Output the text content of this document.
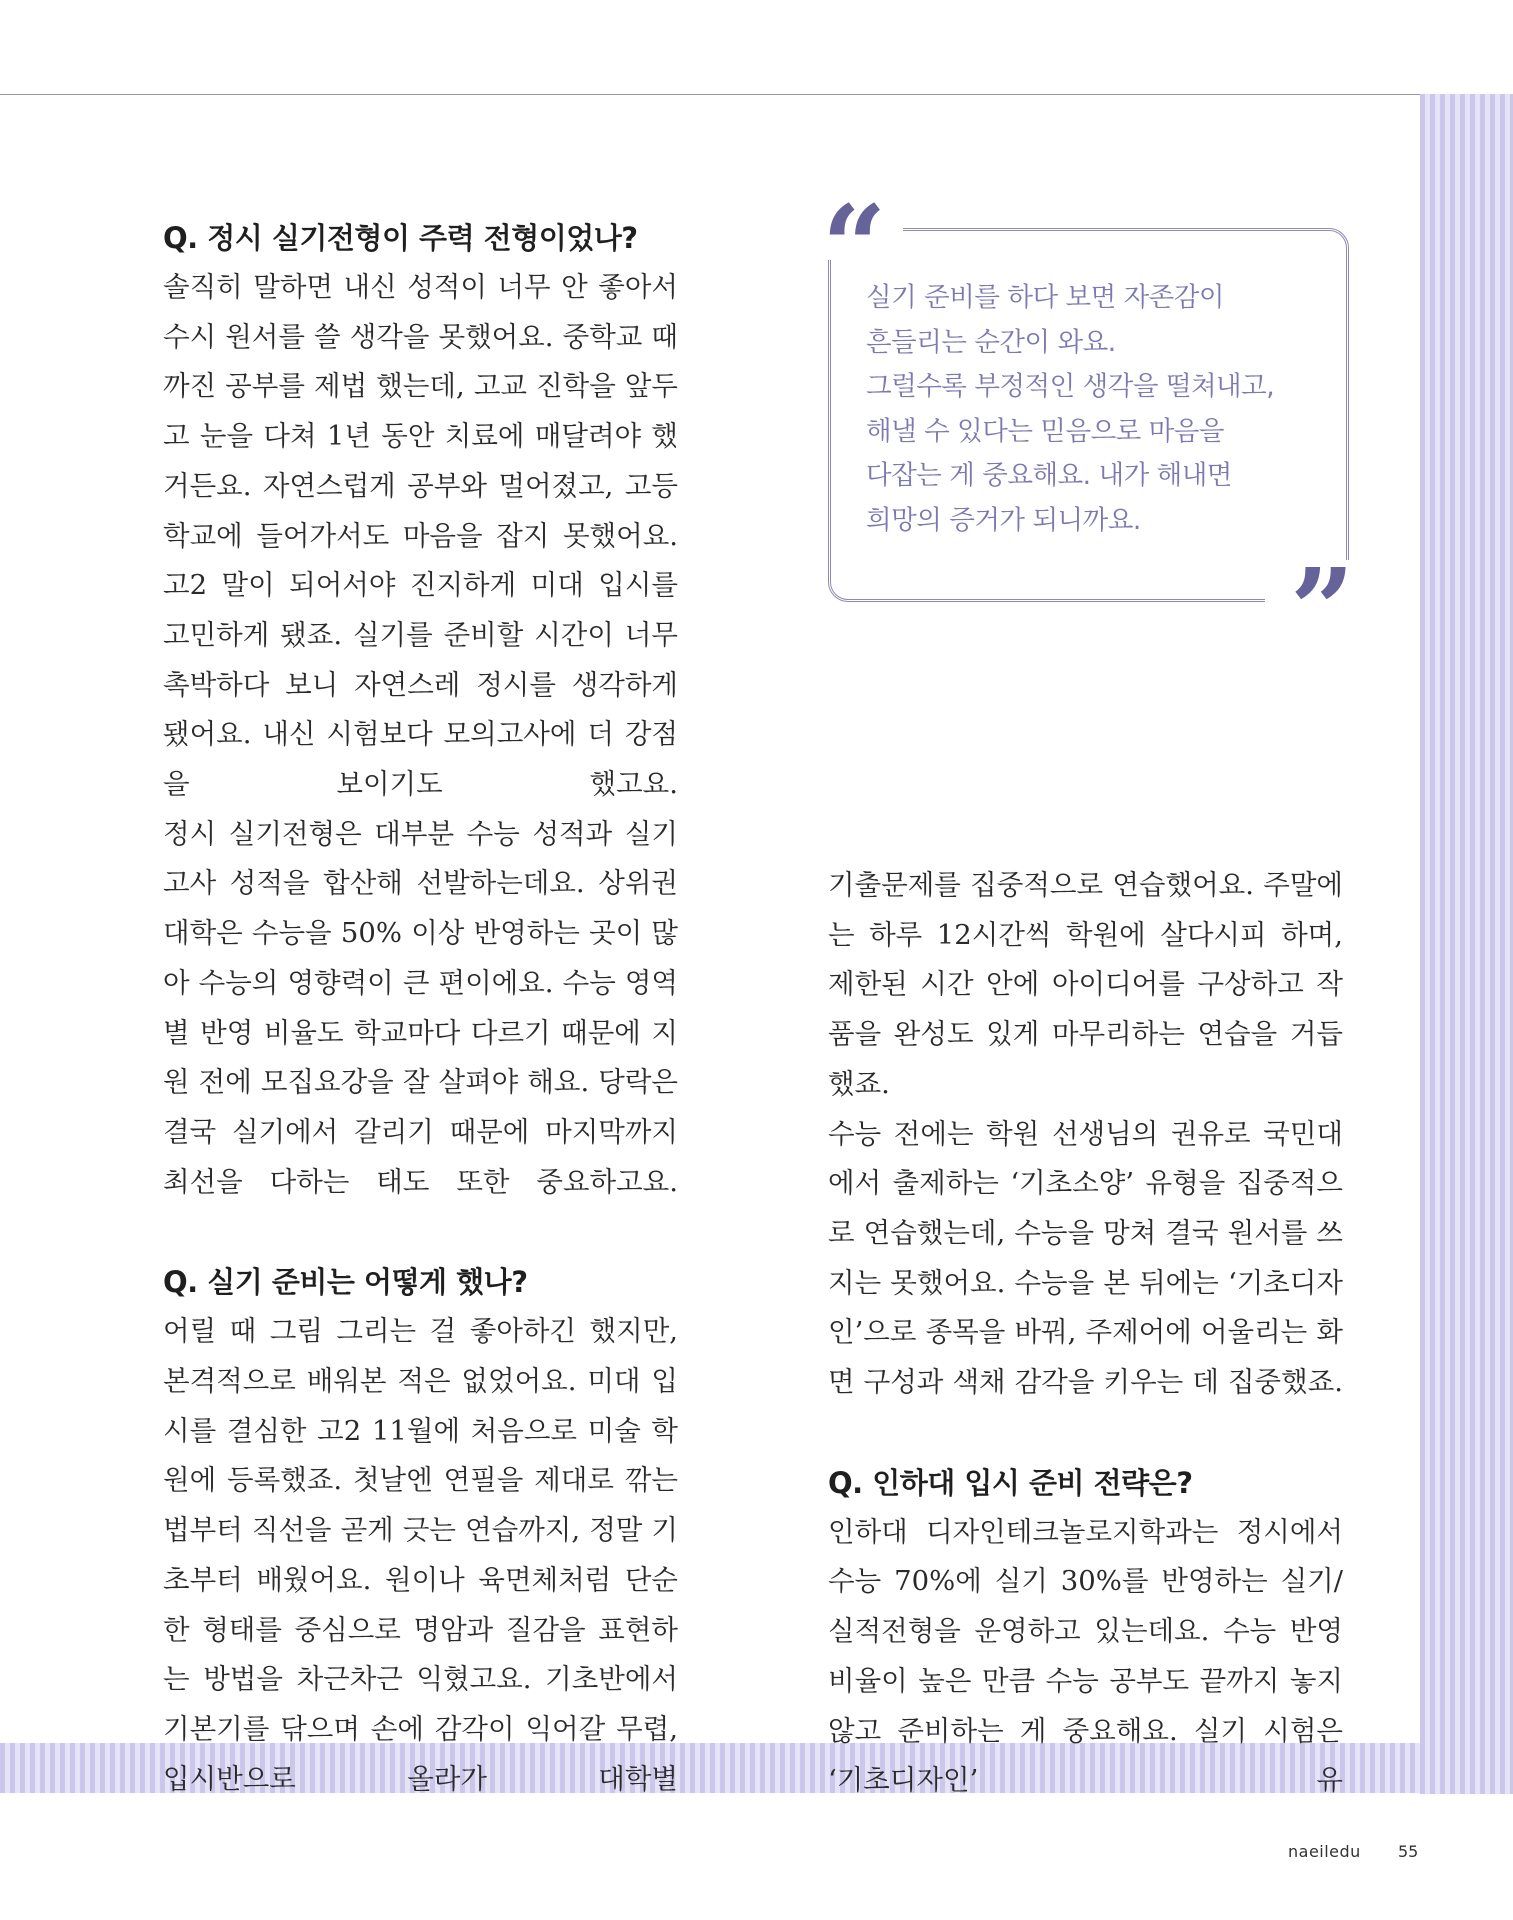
Q. 정시 실기전형이 주력 전형이었나?

솔직히 말하면 내신 성적이 너무 안 좋아서 수시 원서를 쓸 생각을 못했어요. 중학교 때까진 공부를 제법 했는데, 고교 진학을 앞두고 눈을 다쳐 1년 동안 치료에 매달려야 했거든요. 자연스럽게 공부와 멀어졌고, 고등학교에 들어가서도 마음을 잡지 못했어요. 고2 말이 되어서야 진지하게 미대 입시를 고민하게 됐죠. 실기를 준비할 시간이 너무 촉박하다 보니 자연스레 정시를 생각하게 됐어요. 내신 시험보다 모의고사에 더 강점을 보이기도 했고요.

정시 실기전형은 대부분 수능 성적과 실기고사 성적을 합산해 선발하는데요. 상위권 대학은 수능을 50% 이상 반영하는 곳이 많아 수능의 영향력이 큰 편이에요. 수능 영역별 반영 비율도 학교마다 다르기 때문에 지원 전에 모집요강을 잘 살펴야 해요. 당락은 결국 실기에서 갈리기 때문에 마지막까지 최선을 다하는 태도 또한 중요하고요.

Q. 실기 준비는 어떻게 했나?

어릴 때 그림 그리는 걸 좋아하긴 했지만, 본격적으로 배워본 적은 없었어요. 미대 입시를 결심한 고2 11월에 처음으로 미술 학원에 등록했죠. 첫날엔 연필을 제대로 깎는 법부터 직선을 곧게 긋는 연습까지, 정말 기초부터 배웠어요. 원이나 육면체처럼 단순한 형태를 중심으로 명암과 질감을 표현하는 방법을 차근차근 익혔고요. 기초반에서 기본기를 닦으며 손에 감각이 익어갈 무렵, 입시반으로 올라가 대학별

“
”
실기 준비를 하다 보면 자존감이
흔들리는 순간이 와요.
그럴수록 부정적인 생각을 떨쳐내고,
해낼 수 있다는 믿음으로 마음을
다잡는 게 중요해요. 내가 해내면
희망의 증거가 되니까요.

기출문제를 집중적으로 연습했어요. 주말에는 하루 12시간씩 학원에 살다시피 하며, 제한된 시간 안에 아이디어를 구상하고 작품을 완성도 있게 마무리하는 연습을 거듭했죠.

수능 전에는 학원 선생님의 권유로 국민대에서 출제하는 ‘기초소양’ 유형을 집중적으로 연습했는데, 수능을 망쳐 결국 원서를 쓰지는 못했어요. 수능을 본 뒤에는 ‘기초디자인’으로 종목을 바꿔, 주제어에 어울리는 화면 구성과 색채 감각을 키우는 데 집중했죠.

Q. 인하대 입시 준비 전략은?

인하대 디자인테크놀로지학과는 정시에서 수능 70%에 실기 30%를 반영하는 실기/실적전형을 운영하고 있는데요. 수능 반영 비율이 높은 만큼 수능 공부도 끝까지 놓지 않고 준비하는 게 중요해요. 실기 시험은 ‘기초디자인’ 유

naeiledu 55
